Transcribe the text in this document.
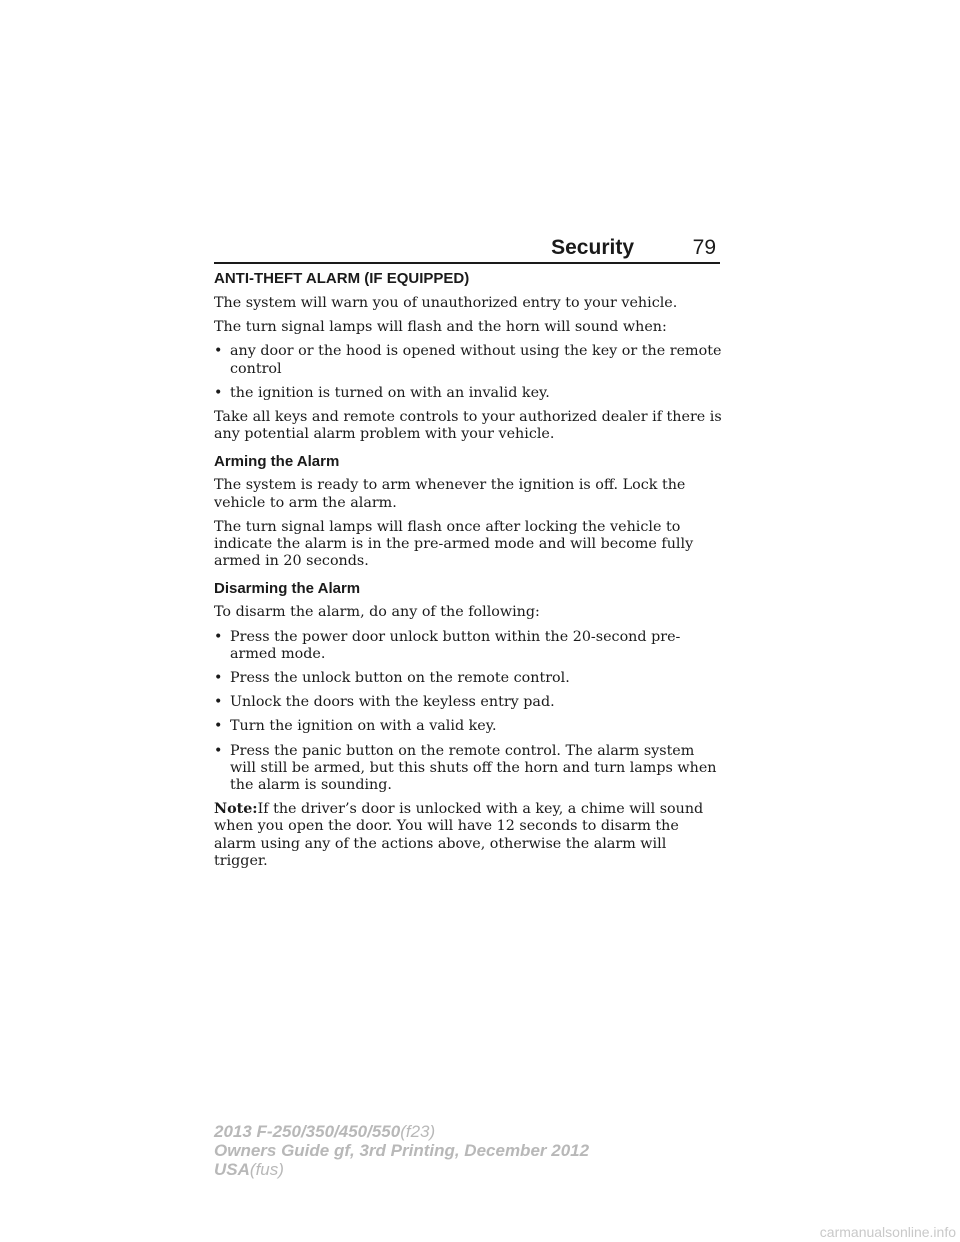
Security	79
ANTI-THEFT ALARM (IF EQUIPPED)
The system will warn you of unauthorized entry to your vehicle.
The turn signal lamps will flash and the horn will sound when:
• any door or the hood is opened without using the key or the remote control
• the ignition is turned on with an invalid key.
Take all keys and remote controls to your authorized dealer if there is any potential alarm problem with your vehicle.
Arming the Alarm
The system is ready to arm whenever the ignition is off. Lock the vehicle to arm the alarm.
The turn signal lamps will flash once after locking the vehicle to indicate the alarm is in the pre-armed mode and will become fully armed in 20 seconds.
Disarming the Alarm
To disarm the alarm, do any of the following:
• Press the power door unlock button within the 20-second pre-armed mode.
• Press the unlock button on the remote control.
• Unlock the doors with the keyless entry pad.
• Turn the ignition on with a valid key.
• Press the panic button on the remote control. The alarm system will still be armed, but this shuts off the horn and turn lamps when the alarm is sounding.
Note:If the driver’s door is unlocked with a key, a chime will sound when you open the door. You will have 12 seconds to disarm the alarm using any of the actions above, otherwise the alarm will trigger.
2013 F-250/350/450/550(f23)
Owners Guide gf, 3rd Printing, December 2012
USA(fus)
carmanualsonline.info
